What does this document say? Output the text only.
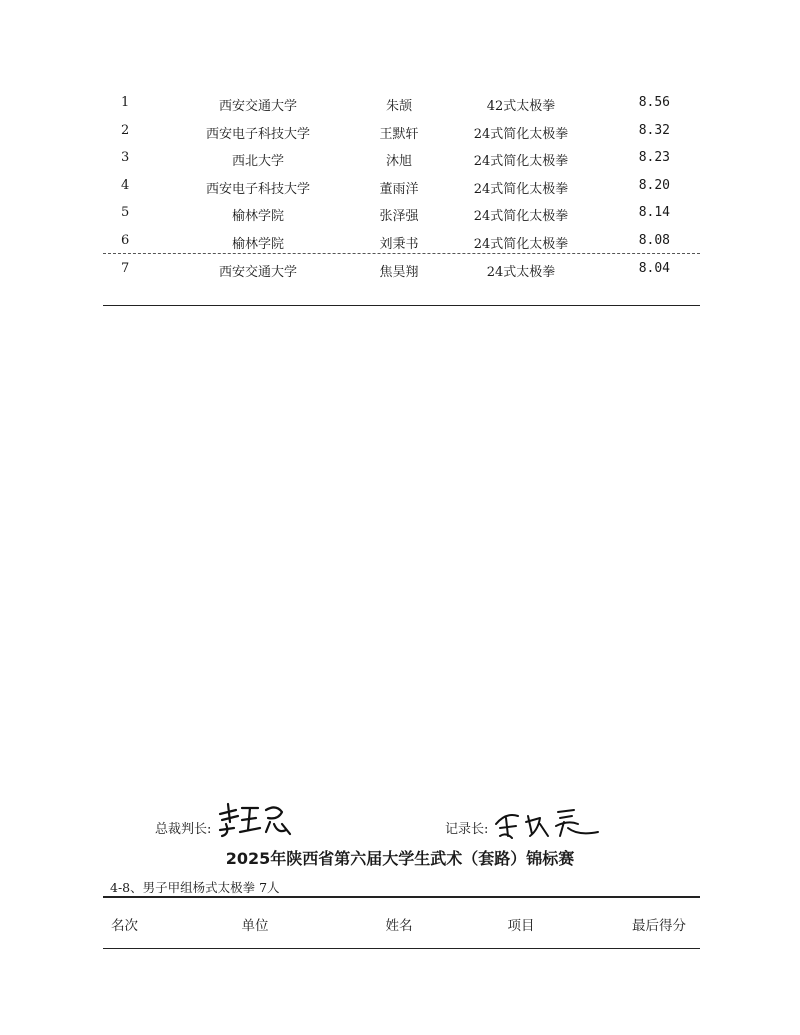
1	西安交通大学	朱颉	42式太极拳	8.56
2	西安电子科技大学	王默轩	24式简化太极拳	8.32
3	西北大学	沐旭	24式简化太极拳	8.23
4	西安电子科技大学	董雨洋	24式简化太极拳	8.20
5	榆林学院	张泽强	24式简化太极拳	8.14
6	榆林学院	刘秉书	24式简化太极拳	8.08
7	西安交通大学	焦昊翔	24式太极拳	8.04
总裁判长:	记录长:
2025年陕西省第六届大学生武术（套路）锦标赛
4-8、男子甲组杨式太极拳 7人
名次	单位	姓名	项目	最后得分
